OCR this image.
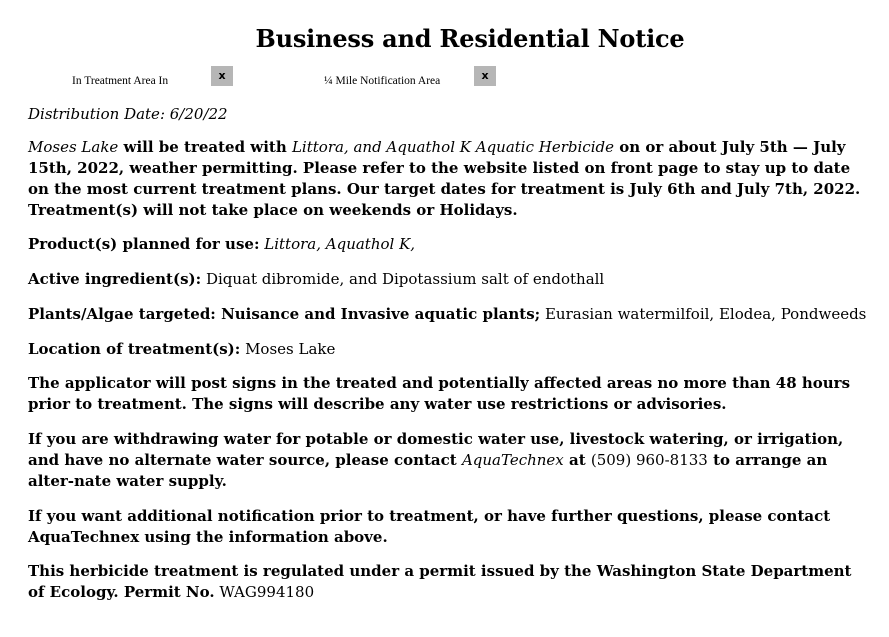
Business and Residential Notice
In Treatment Area In	x	¼ Mile Notification Area	x
Distribution Date: 6/20/22
Moses Lake will be treated with Littora, and Aquathol K Aquatic Herbicide on or about July 5th — July 15th, 2022, weather permitting. Please refer to the website listed on front page to stay up to date on the most current treatment plans. Our target dates for treatment is July 6th and July 7th, 2022. Treatment(s) will not take place on weekends or Holidays.
Product(s) planned for use: Littora, Aquathol K,
Active ingredient(s): Diquat dibromide, and Dipotassium salt of endothall
Plants/Algae targeted: Nuisance and Invasive aquatic plants; Eurasian watermilfoil, Elodea, Pondweeds
Location of treatment(s): Moses Lake
The applicator will post signs in the treated and potentially affected areas no more than 48 hours prior to treatment. The signs will describe any water use restrictions or advisories.
If you are withdrawing water for potable or domestic water use, livestock watering, or irrigation, and have no alternate water source, please contact AquaTechnex at (509) 960-8133 to arrange an alter-nate water supply.
If you want additional notification prior to treatment, or have further questions, please contact AquaTechnex using the information above.
This herbicide treatment is regulated under a permit issued by the Washington State Department of Ecology. Permit No. WAG994180
